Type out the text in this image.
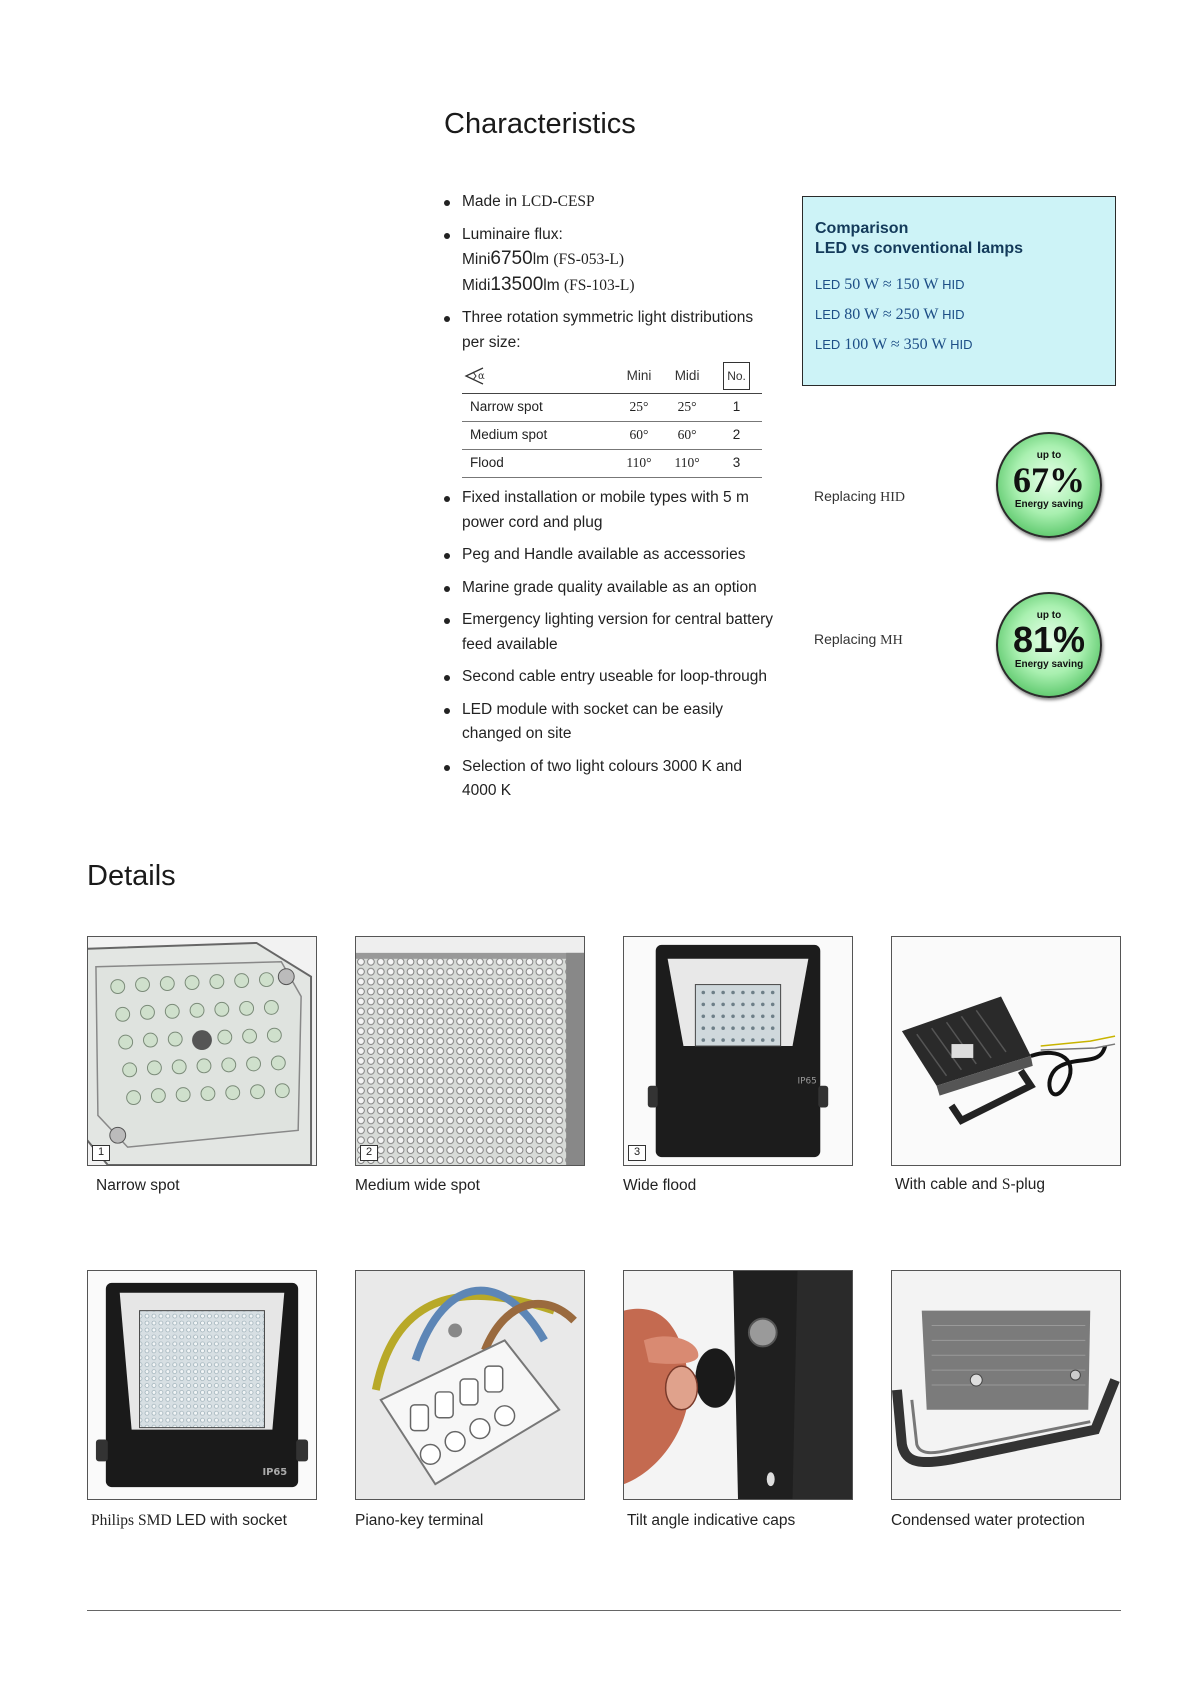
Characteristics
Made in LCD-CESP
Luminaire flux:
Mini6750lm (FS-053-L)
Midi13500lm (FS-103-L)
Three rotation symmetric light distributions per size:
α	Mini	Midi	No.
Narrow spot	25°	25°	1
Medium spot	60°	60°	2
Flood	110°	110°	3
Fixed installation or mobile types with 5 m power cord and plug
Peg and Handle available as accessories
Marine grade quality available as an option
Emergency lighting version for central battery feed available
Second cable entry useable for loop-through
LED module with socket can be easily changed on site
Selection of two light colours 3000 K and 4000 K
Comparison
LED vs conventional lamps
LED 50 W ≈ 150 W HID
LED 80 W ≈ 250 W HID
LED 100 W ≈ 350 W HID
Replacing HID
up to
67%
Energy saving
Replacing MH
up to
81%
Energy saving
Details
1	2
IP65
3
Narrow spot	Medium wide spot	Wide flood	With cable and S-plug
IP65
Philips SMD LED with socket	Piano-key terminal	Tilt angle indicative caps	Condensed water protection
